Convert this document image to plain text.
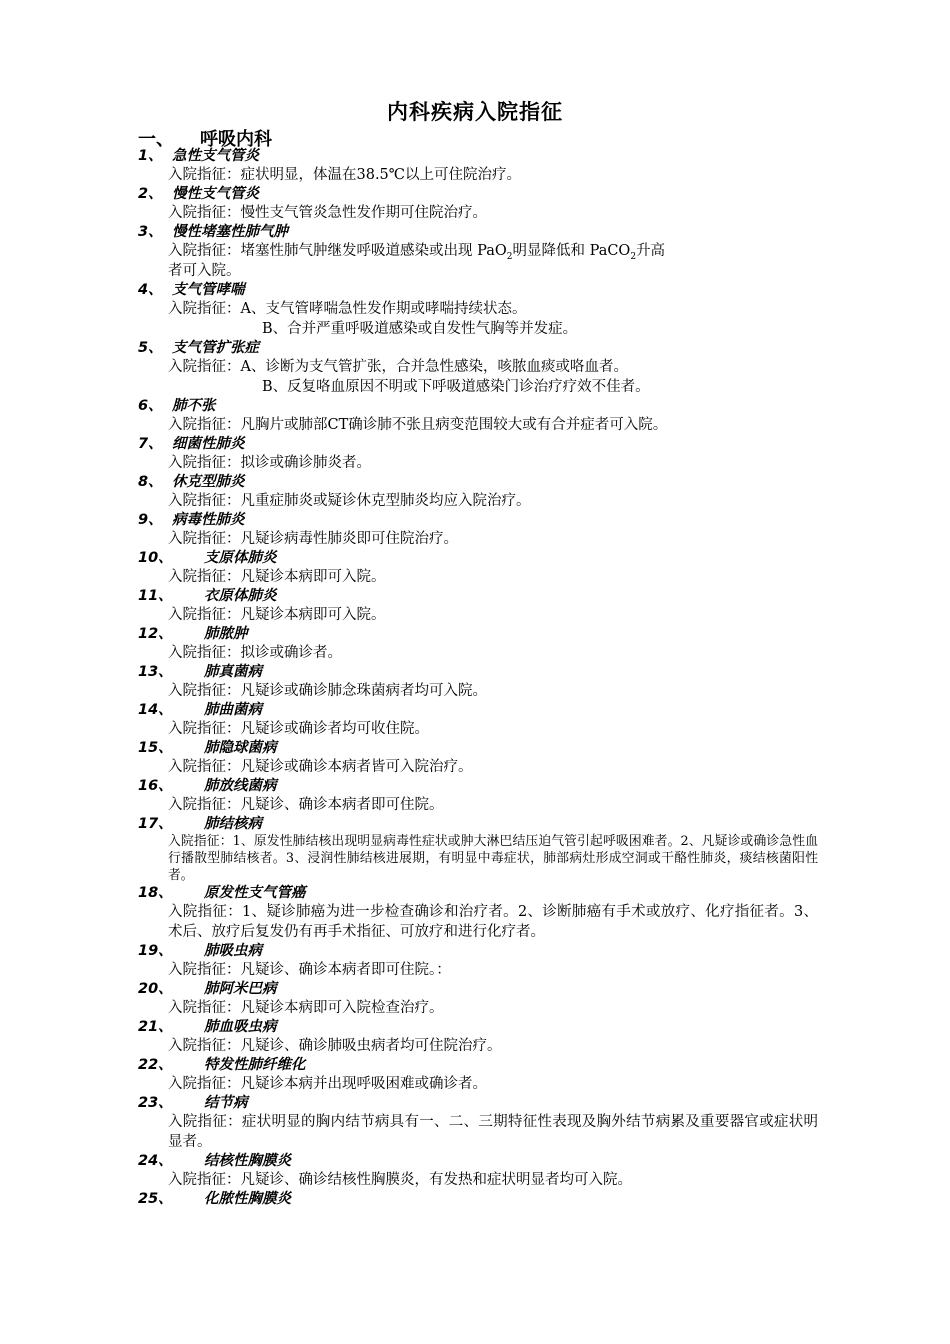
内科疾病入院指征
一、 呼吸内科
1、 急性支气管炎
入院指征：症状明显，体温在38.5℃以上可住院治疗。
2、 慢性支气管炎
入院指征：慢性支气管炎急性发作期可住院治疗。
3、 慢性堵塞性肺气肿
入院指征：堵塞性肺气肿继发呼吸道感染或出现 PaO$_2$明显降低和 PaCO$_2$升高
者可入院。
4、 支气管哮喘
入院指征：A、支气管哮喘急性发作期或哮喘持续状态。
B、合并严重呼吸道感染或自发性气胸等并发症。
5、 支气管扩张症
入院指征：A、诊断为支气管扩张，合并急性感染，咳脓血痰或咯血者。
B、反复咯血原因不明或下呼吸道感染门诊治疗疗效不佳者。
6、 肺不张
入院指征：凡胸片或肺部CT确诊肺不张且病变范围较大或有合并症者可入院。
7、 细菌性肺炎
入院指征：拟诊或确诊肺炎者。
8、 休克型肺炎
入院指征：凡重症肺炎或疑诊休克型肺炎均应入院治疗。
9、 病毒性肺炎
入院指征：凡疑诊病毒性肺炎即可住院治疗。
10、 支原体肺炎
入院指征：凡疑诊本病即可入院。
11、 衣原体肺炎
入院指征：凡疑诊本病即可入院。
12、 肺脓肿
入院指征：拟诊或确诊者。
13、 肺真菌病
入院指征：凡疑诊或确诊肺念珠菌病者均可入院。
14、 肺曲菌病
入院指征：凡疑诊或确诊者均可收住院。
15、 肺隐球菌病
入院指征：凡疑诊或确诊本病者皆可入院治疗。
16、 肺放线菌病
入院指征：凡疑诊、确诊本病者即可住院。
17、 肺结核病
入院指征：1、原发性肺结核出现明显病毒性症状或肿大淋巴结压迫气管引起呼吸困难者。2、凡疑诊或确诊急性血行播散型肺结核者。3、浸润性肺结核进展期，有明显中毒症状，肺部病灶形成空洞或干酪性肺炎，痰结核菌阳性者。
18、 原发性支气管癌
入院指征：1、疑诊肺癌为进一步检查确诊和治疗者。2、诊断肺癌有手术或放疗、化疗指征者。3、术后、放疗后复发仍有再手术指征、可放疗和进行化疗者。
19、 肺吸虫病
入院指征：凡疑诊、确诊本病者即可住院。：
20、 肺阿米巴病
入院指征：凡疑诊本病即可入院检查治疗。
21、 肺血吸虫病
入院指征：凡疑诊、确诊肺吸虫病者均可住院治疗。
22、 特发性肺纤维化
入院指征：凡疑诊本病并出现呼吸困难或确诊者。
23、 结节病
入院指征：症状明显的胸内结节病具有一、二、三期特征性表现及胸外结节病累及重要器官或症状明显者。
24、 结核性胸膜炎
入院指征：凡疑诊、确诊结核性胸膜炎，有发热和症状明显者均可入院。
25、 化脓性胸膜炎
